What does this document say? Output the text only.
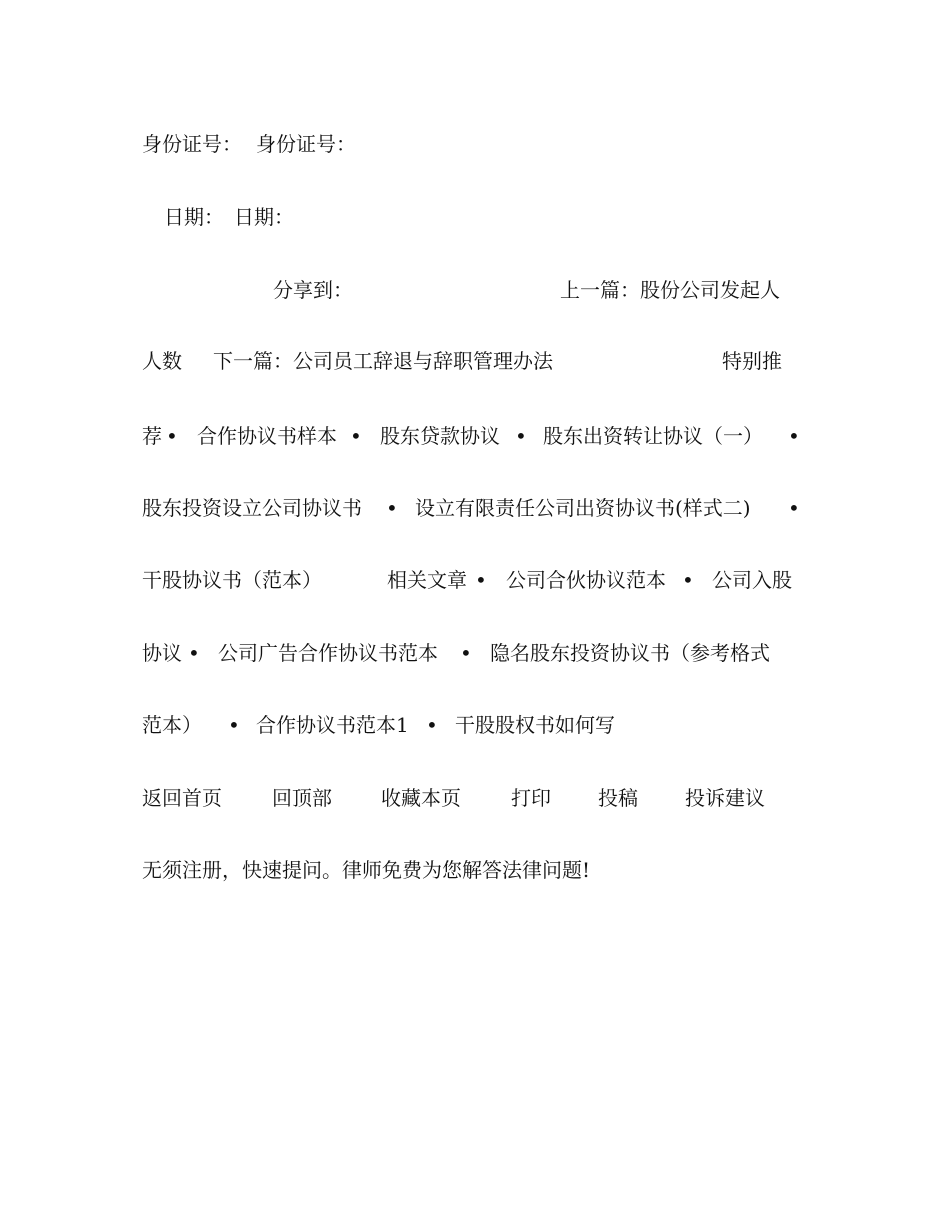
身份证号： 身份证号：
日期： 日期：
分享到：	上一篇：股份公司发起人
人数 下一篇：公司员工辞退与辞职管理办法	特别推
荐 • 合作协议书样本 • 股东贷款协议 • 股东出资转让协议（一） •
股东投资设立公司协议书 • 设立有限责任公司出资协议书(样式二) •
干股协议书（范本）	相关文章 • 公司合伙协议范本 • 公司入股
协议 • 公司广告合作协议书范本 • 隐名股东投资协议书（参考格式
范本） • 合作协议书范本1 • 干股股权书如何写
返回首页	回顶部 收藏本页	打印 投稿 投诉建议
无须注册，快速提问。律师免费为您解答法律问题!
